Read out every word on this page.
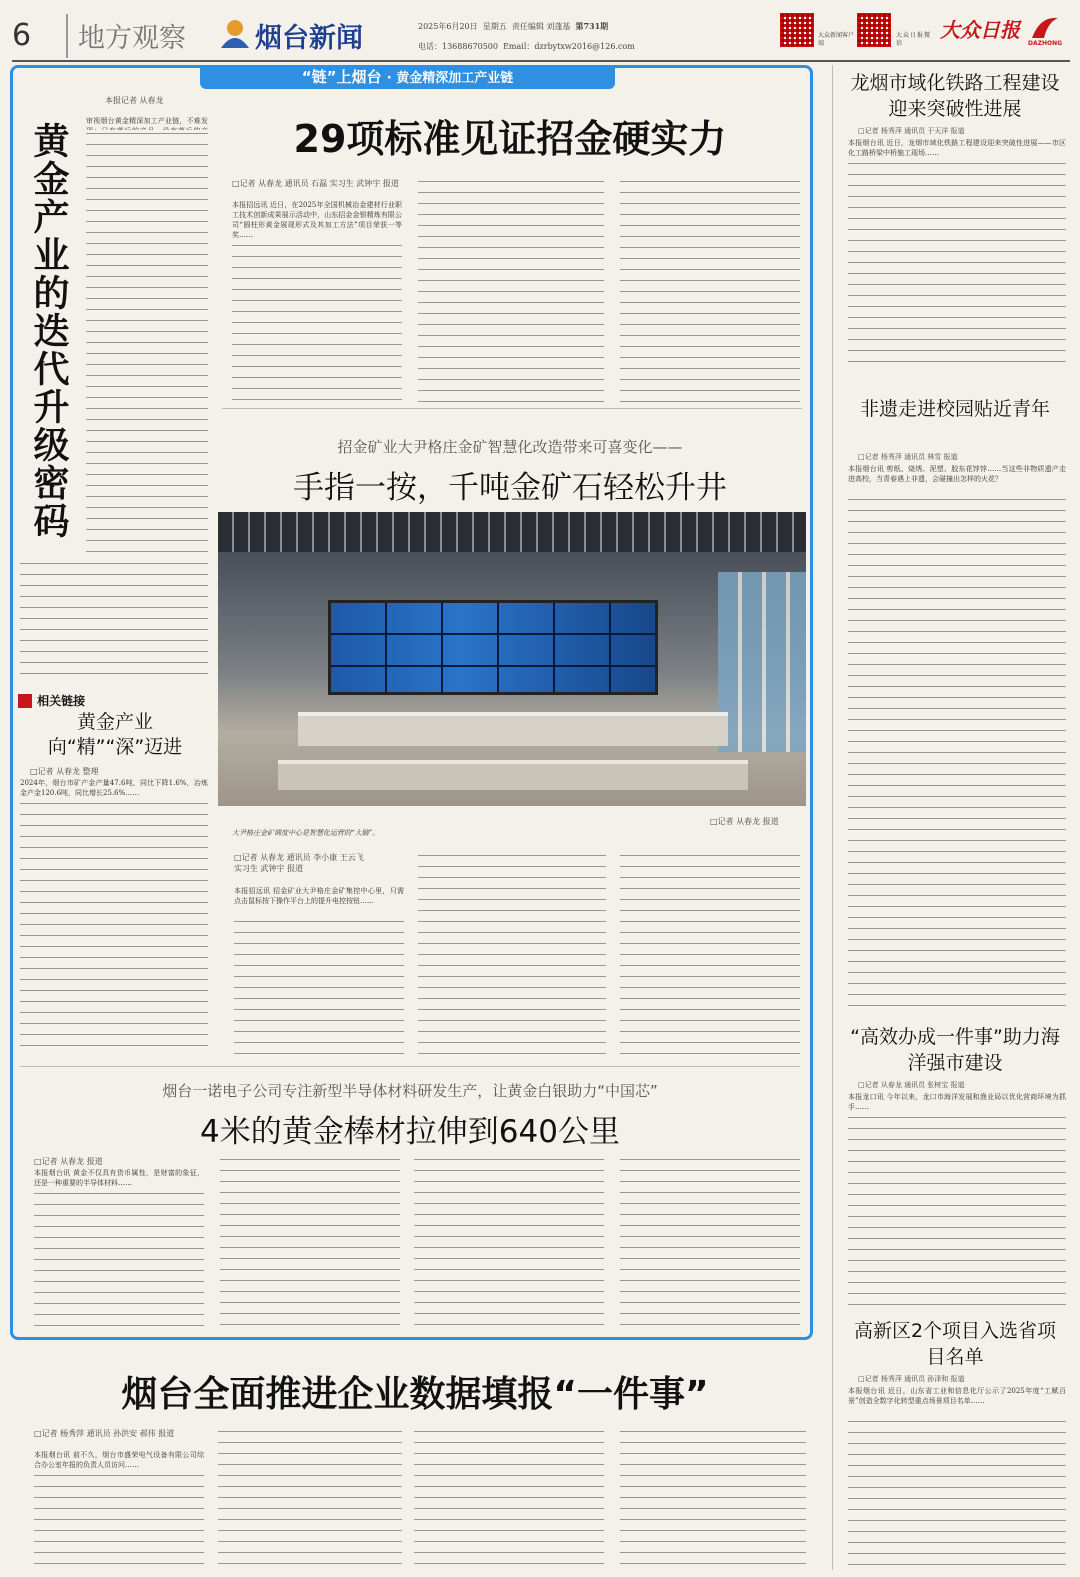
6	地方观察	烟台新闻	2025年6月20日 星期五 责任编辑 刘蓬基 第731期
电话：13688670500 Email：dzrbytxw2016@126.com
大众新闻客户端
大众日报微信
大众日报
DAZHONG
“链”上烟台 · 黄金精深加工产业链
本报记者 从春龙
黄金产业的迭代升级密码
审视烟台黄金精深加工产业链，不难发
相关链接
黄金产业向“精”“深”迈进
□记者 从春龙 整理
2024年，烟台市矿产金产量47.6吨，同比下降1.6%，冶炼金产金120.6吨，同比增长25.6%……
29项标准见证招金硬实力
□记者 从春龙 通讯员 石磊 实习生 武钟宇 报道
本报招远讯 近日，在2025年全国机械冶金建材行业职工技术创新成果展示活动中，山东招金金银精炼有限公司“圆柱形黄金展现形式及其加工方法”项目荣获一等奖……
招金矿业大尹格庄金矿智慧化改造带来可喜变化——
手指一按，千吨金矿石轻松升井
□记者 从春龙 报道
大尹格庄金矿调度中心是智慧化运营的“大脑”。
□记者 从春龙 通讯员 李小康 王云飞 实习生 武钟宇 报道
本报招远讯 招金矿业大尹格庄金矿集控中心里，只需点击鼠标按下操作平台上的提升电控按钮……
烟台一诺电子公司专注新型半导体材料研发生产，让黄金白银助力“中国芯”
4米的黄金棒材拉伸到640公里
□记者 从春龙 报道
本报烟台讯 黄金不仅具有货币属性，是财富的象征，还是一种重要的半导体材料……
烟台全面推进企业数据填报“一件事”
□记者 杨秀萍 通讯员 孙洪安 郝伟 报道
本报烟台讯 前不久，烟台市盛荣电气设备有限公司综合办公室年报的负责人员访问……
龙烟市域化铁路工程建设迎来突破性进展
□记者 杨秀萍 通讯员 于天洋 报道
本报烟台讯 近日，龙烟市域化铁路工程建设迎来突破性进展——市区化工路桥梁中桥施工现场……
非遗走进校园贴近青年
□记者 杨秀萍 通讯员 林雪 报道
本报烟台讯 剪纸、烧绣、泥塑、胶东花饽饽……当这些非物质遗产走进高校，当青春遇上非遗，会碰撞出怎样的火花？
“高效办成一件事”助力海洋强市建设
□记者 从春龙 通讯员 张树宝 报道
本报龙口讯 今年以来，龙口市海洋发展和渔业局以优化营商环境为抓手……
高新区2个项目入选省项目名单
□记者 杨秀萍 通讯员 孙泽和 报道
本报烟台讯 近日，山东省工业和信息化厅公示了2025年度“工赋百景”创造全数字化转型重点场景项目名单……
